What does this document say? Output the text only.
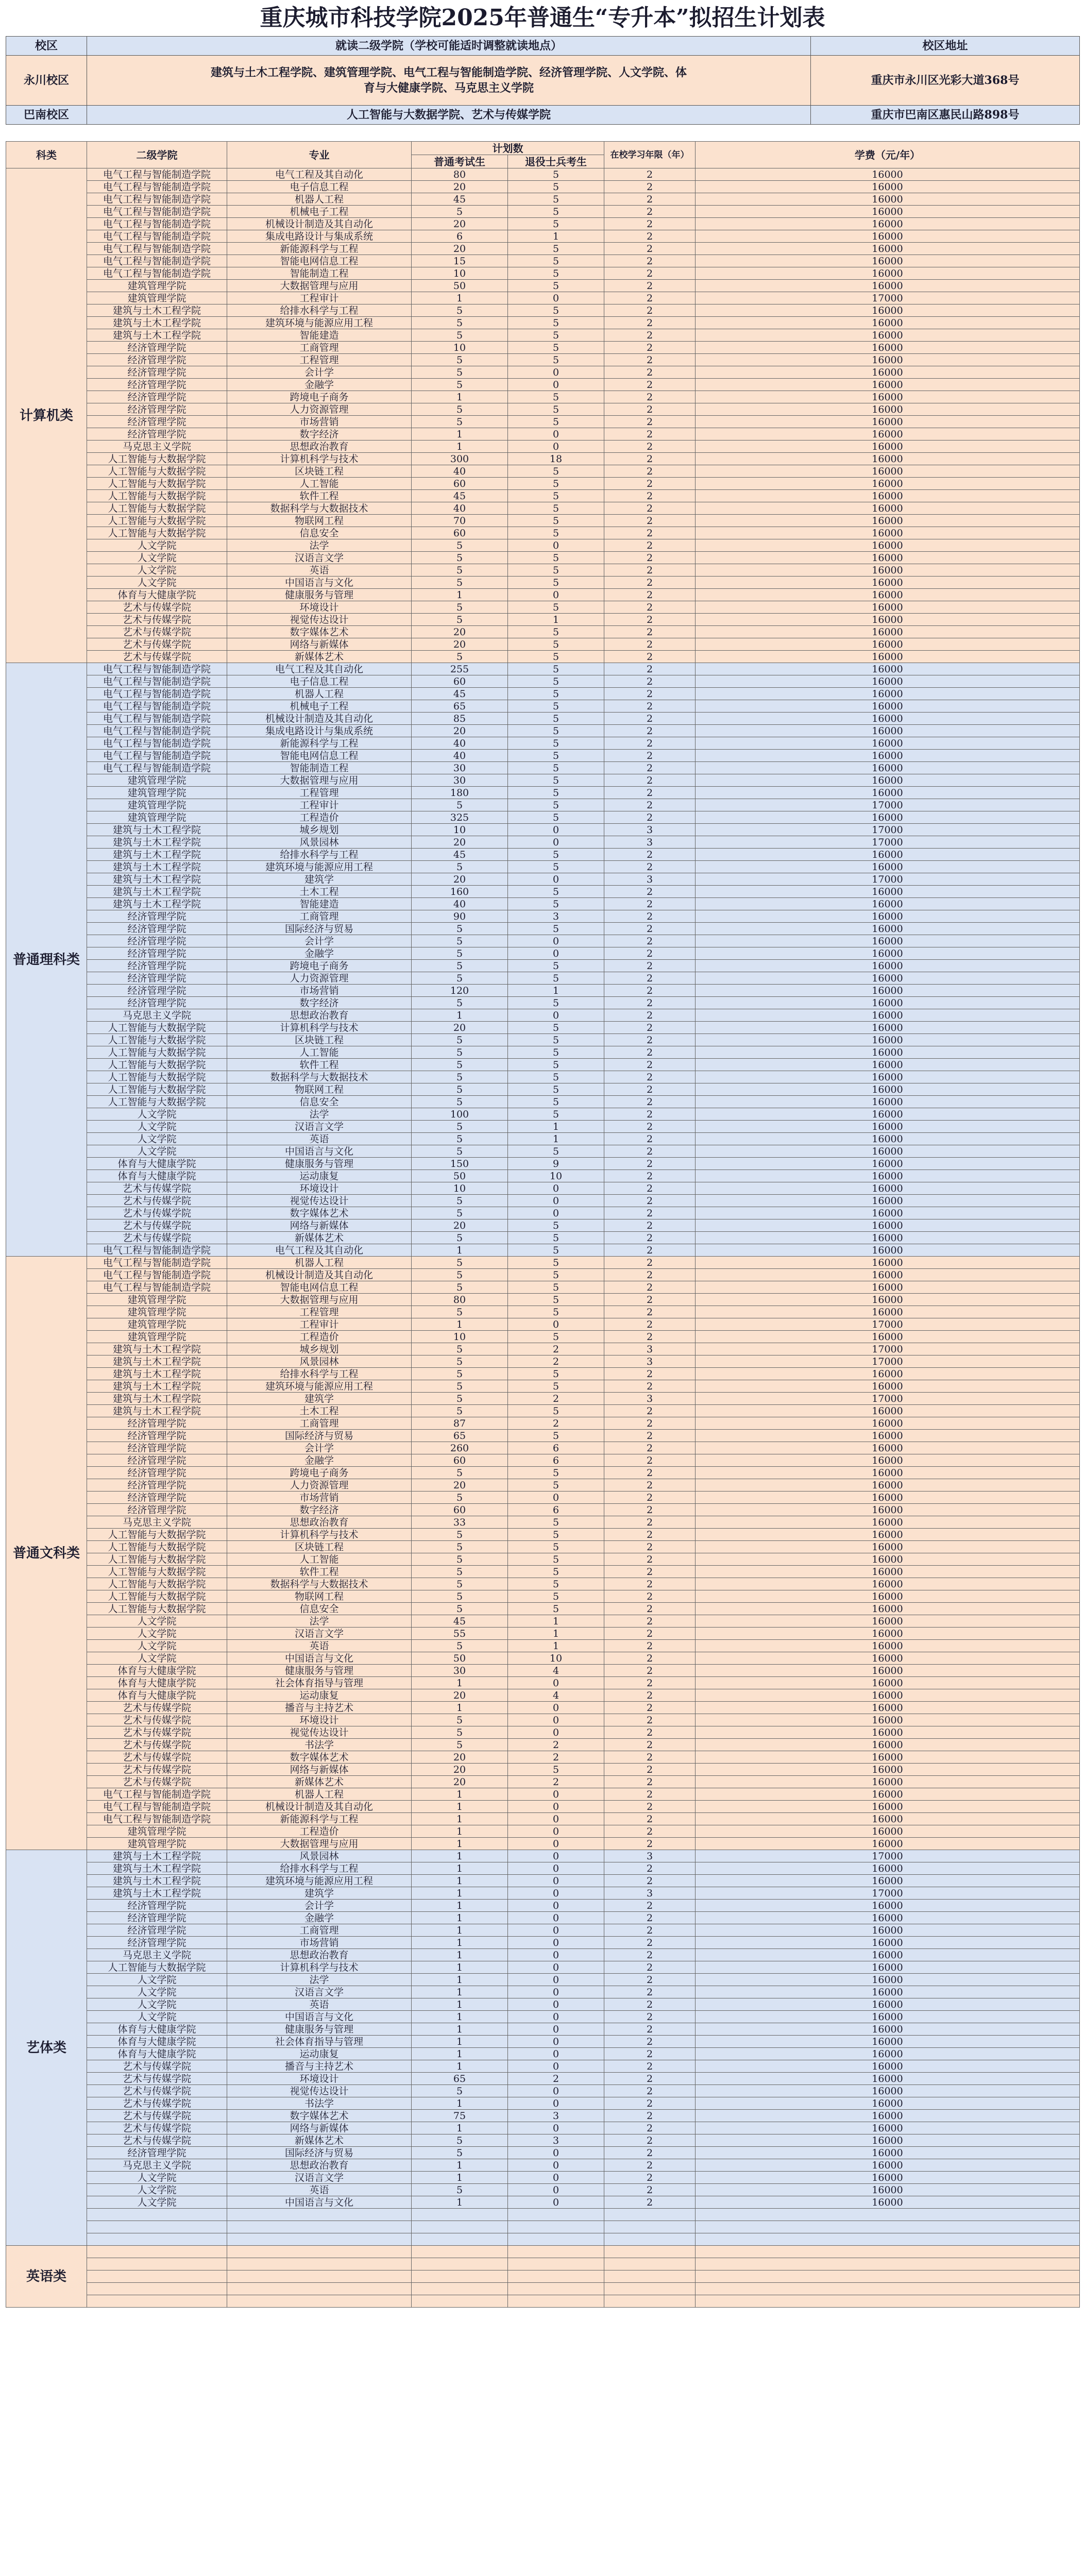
重庆城市科技学院2025年普通生“专升本”拟招生计划表
校区	就读二级学院（学校可能适时调整就读地点）	校区地址
永川校区	建筑与土木工程学院、建筑管理学院、电气工程与智能制造学院、经济管理学院、人文学院、体育与大健康学院、马克思主义学院	重庆市永川区光彩大道368号
巴南校区	人工智能与大数据学院、艺术与传媒学院	重庆市巴南区惠民山路898号
科类	二级学院	专业	计划数		在校学习年限（年）	学费（元/年）
			普通考试生	退役士兵考生		
计算机类	电气工程与智能制造学院	电气工程及其自动化	80	5	2	16000
	电气工程与智能制造学院	电子信息工程	20	5	2	16000
	电气工程与智能制造学院	机器人工程	45	5	2	16000
	电气工程与智能制造学院	机械电子工程	5	5	2	16000
	电气工程与智能制造学院	机械设计制造及其自动化	20	5	2	16000
	电气工程与智能制造学院	集成电路设计与集成系统	6	1	2	16000
	电气工程与智能制造学院	新能源科学与工程	20	5	2	16000
	电气工程与智能制造学院	智能电网信息工程	15	5	2	16000
	电气工程与智能制造学院	智能制造工程	10	5	2	16000
	建筑管理学院	大数据管理与应用	50	5	2	16000
	建筑管理学院	工程审计	1	0	2	17000
	建筑与土木工程学院	给排水科学与工程	5	5	2	16000
	建筑与土木工程学院	建筑环境与能源应用工程	5	5	2	16000
	建筑与土木工程学院	智能建造	5	5	2	16000
	经济管理学院	工商管理	10	5	2	16000
	经济管理学院	工程管理	5	5	2	16000
	经济管理学院	会计学	5	0	2	16000
	经济管理学院	金融学	5	0	2	16000
	经济管理学院	跨境电子商务	1	5	2	16000
	经济管理学院	人力资源管理	5	5	2	16000
	经济管理学院	市场营销	5	5	2	16000
	经济管理学院	数字经济	1	0	2	16000
	马克思主义学院	思想政治教育	1	0	2	16000
	人工智能与大数据学院	计算机科学与技术	300	18	2	16000
	人工智能与大数据学院	区块链工程	40	5	2	16000
	人工智能与大数据学院	人工智能	60	5	2	16000
	人工智能与大数据学院	软件工程	45	5	2	16000
	人工智能与大数据学院	数据科学与大数据技术	40	5	2	16000
	人工智能与大数据学院	物联网工程	70	5	2	16000
	人工智能与大数据学院	信息安全	60	5	2	16000
	人文学院	法学	5	0	2	16000
	人文学院	汉语言文学	5	5	2	16000
	人文学院	英语	5	5	2	16000
	人文学院	中国语言与文化	5	5	2	16000
	体育与大健康学院	健康服务与管理	1	0	2	16000
	艺术与传媒学院	环境设计	5	5	2	16000
	艺术与传媒学院	视觉传达设计	5	1	2	16000
	艺术与传媒学院	数字媒体艺术	20	5	2	16000
	艺术与传媒学院	网络与新媒体	20	5	2	16000
	艺术与传媒学院	新媒体艺术	5	5	2	16000
普通理科类	电气工程与智能制造学院	电气工程及其自动化	255	5	2	16000
	电气工程与智能制造学院	电子信息工程	60	5	2	16000
	电气工程与智能制造学院	机器人工程	45	5	2	16000
	电气工程与智能制造学院	机械电子工程	65	5	2	16000
	电气工程与智能制造学院	机械设计制造及其自动化	85	5	2	16000
	电气工程与智能制造学院	集成电路设计与集成系统	20	5	2	16000
	电气工程与智能制造学院	新能源科学与工程	40	5	2	16000
	电气工程与智能制造学院	智能电网信息工程	40	5	2	16000
	电气工程与智能制造学院	智能制造工程	30	5	2	16000
	建筑管理学院	大数据管理与应用	30	5	2	16000
	建筑管理学院	工程管理	180	5	2	16000
	建筑管理学院	工程审计	5	5	2	17000
	建筑管理学院	工程造价	325	5	2	16000
	建筑与土木工程学院	城乡规划	10	0	3	17000
	建筑与土木工程学院	风景园林	20	0	3	17000
	建筑与土木工程学院	给排水科学与工程	45	5	2	16000
	建筑与土木工程学院	建筑环境与能源应用工程	5	5	2	16000
	建筑与土木工程学院	建筑学	20	0	3	17000
	建筑与土木工程学院	土木工程	160	5	2	16000
	建筑与土木工程学院	智能建造	40	5	2	16000
	经济管理学院	工商管理	90	3	2	16000
	经济管理学院	国际经济与贸易	5	5	2	16000
	经济管理学院	会计学	5	0	2	16000
	经济管理学院	金融学	5	0	2	16000
	经济管理学院	跨境电子商务	5	5	2	16000
	经济管理学院	人力资源管理	5	5	2	16000
	经济管理学院	市场营销	120	1	2	16000
	经济管理学院	数字经济	5	5	2	16000
	马克思主义学院	思想政治教育	1	0	2	16000
	人工智能与大数据学院	计算机科学与技术	20	5	2	16000
	人工智能与大数据学院	区块链工程	5	5	2	16000
	人工智能与大数据学院	人工智能	5	5	2	16000
	人工智能与大数据学院	软件工程	5	5	2	16000
	人工智能与大数据学院	数据科学与大数据技术	5	5	2	16000
	人工智能与大数据学院	物联网工程	5	5	2	16000
	人工智能与大数据学院	信息安全	5	5	2	16000
	人文学院	法学	100	5	2	16000
	人文学院	汉语言文学	5	1	2	16000
	人文学院	英语	5	1	2	16000
	人文学院	中国语言与文化	5	5	2	16000
	体育与大健康学院	健康服务与管理	150	9	2	16000
	体育与大健康学院	运动康复	50	10	2	16000
	艺术与传媒学院	环境设计	10	0	2	16000
	艺术与传媒学院	视觉传达设计	5	0	2	16000
	艺术与传媒学院	数字媒体艺术	5	0	2	16000
	艺术与传媒学院	网络与新媒体	20	5	2	16000
	艺术与传媒学院	新媒体艺术	5	5	2	16000
	电气工程与智能制造学院	电气工程及其自动化	1	5	2	16000
普通文科类	电气工程与智能制造学院	机器人工程	5	5	2	16000
	电气工程与智能制造学院	机械设计制造及其自动化	5	5	2	16000
	电气工程与智能制造学院	智能电网信息工程	5	5	2	16000
	建筑管理学院	大数据管理与应用	80	5	2	16000
	建筑管理学院	工程管理	5	5	2	16000
	建筑管理学院	工程审计	1	0	2	17000
	建筑管理学院	工程造价	10	5	2	16000
	建筑与土木工程学院	城乡规划	5	2	3	17000
	建筑与土木工程学院	风景园林	5	2	3	17000
	建筑与土木工程学院	给排水科学与工程	5	5	2	16000
	建筑与土木工程学院	建筑环境与能源应用工程	5	5	2	16000
	建筑与土木工程学院	建筑学	5	2	3	17000
	建筑与土木工程学院	土木工程	5	5	2	16000
	经济管理学院	工商管理	87	2	2	16000
	经济管理学院	国际经济与贸易	65	5	2	16000
	经济管理学院	会计学	260	6	2	16000
	经济管理学院	金融学	60	6	2	16000
	经济管理学院	跨境电子商务	5	5	2	16000
	经济管理学院	人力资源管理	20	5	2	16000
	经济管理学院	市场营销	5	0	2	16000
	经济管理学院	数字经济	60	6	2	16000
	马克思主义学院	思想政治教育	33	5	2	16000
	人工智能与大数据学院	计算机科学与技术	5	5	2	16000
	人工智能与大数据学院	区块链工程	5	5	2	16000
	人工智能与大数据学院	人工智能	5	5	2	16000
	人工智能与大数据学院	软件工程	5	5	2	16000
	人工智能与大数据学院	数据科学与大数据技术	5	5	2	16000
	人工智能与大数据学院	物联网工程	5	5	2	16000
	人工智能与大数据学院	信息安全	5	5	2	16000
	人文学院	法学	45	1	2	16000
	人文学院	汉语言文学	55	1	2	16000
	人文学院	英语	5	1	2	16000
	人文学院	中国语言与文化	50	10	2	16000
	体育与大健康学院	健康服务与管理	30	4	2	16000
	体育与大健康学院	社会体育指导与管理	1	0	2	16000
	体育与大健康学院	运动康复	20	4	2	16000
	艺术与传媒学院	播音与主持艺术	1	0	2	16000
	艺术与传媒学院	环境设计	5	0	2	16000
	艺术与传媒学院	视觉传达设计	5	0	2	16000
	艺术与传媒学院	书法学	5	2	2	16000
	艺术与传媒学院	数字媒体艺术	20	2	2	16000
	艺术与传媒学院	网络与新媒体	20	5	2	16000
	艺术与传媒学院	新媒体艺术	20	2	2	16000
	电气工程与智能制造学院	机器人工程	1	0	2	16000
	电气工程与智能制造学院	机械设计制造及其自动化	1	0	2	16000
	电气工程与智能制造学院	新能源科学与工程	1	0	2	16000
	建筑管理学院	工程造价	1	0	2	16000
	建筑管理学院	大数据管理与应用	1	0	2	16000
艺体类	建筑与土木工程学院	风景园林	1	0	3	17000
	建筑与土木工程学院	给排水科学与工程	1	0	2	16000
	建筑与土木工程学院	建筑环境与能源应用工程	1	0	2	16000
	建筑与土木工程学院	建筑学	1	0	3	17000
	经济管理学院	会计学	1	0	2	16000
	经济管理学院	金融学	1	0	2	16000
	经济管理学院	工商管理	1	0	2	16000
	经济管理学院	市场营销	1	0	2	16000
	马克思主义学院	思想政治教育	1	0	2	16000
	人工智能与大数据学院	计算机科学与技术	1	0	2	16000
	人文学院	法学	1	0	2	16000
	人文学院	汉语言文学	1	0	2	16000
	人文学院	英语	1	0	2	16000
	人文学院	中国语言与文化	1	0	2	16000
	体育与大健康学院	健康服务与管理	1	0	2	16000
	体育与大健康学院	社会体育指导与管理	1	0	2	16000
	体育与大健康学院	运动康复	1	0	2	16000
	艺术与传媒学院	播音与主持艺术	1	0	2	16000
	艺术与传媒学院	环境设计	65	2	2	16000
	艺术与传媒学院	视觉传达设计	5	0	2	16000
	艺术与传媒学院	书法学	1	0	2	16000
	艺术与传媒学院	数字媒体艺术	75	3	2	16000
	艺术与传媒学院	网络与新媒体	1	0	2	16000
	艺术与传媒学院	新媒体艺术	5	3	2	16000
	经济管理学院	国际经济与贸易	5	0	2	16000
	马克思主义学院	思想政治教育	1	0	2	16000
	人文学院	汉语言文学	1	0	2	16000
	人文学院	英语	5	0	2	16000
	人文学院	中国语言与文化	1	0	2	16000

英语类						
